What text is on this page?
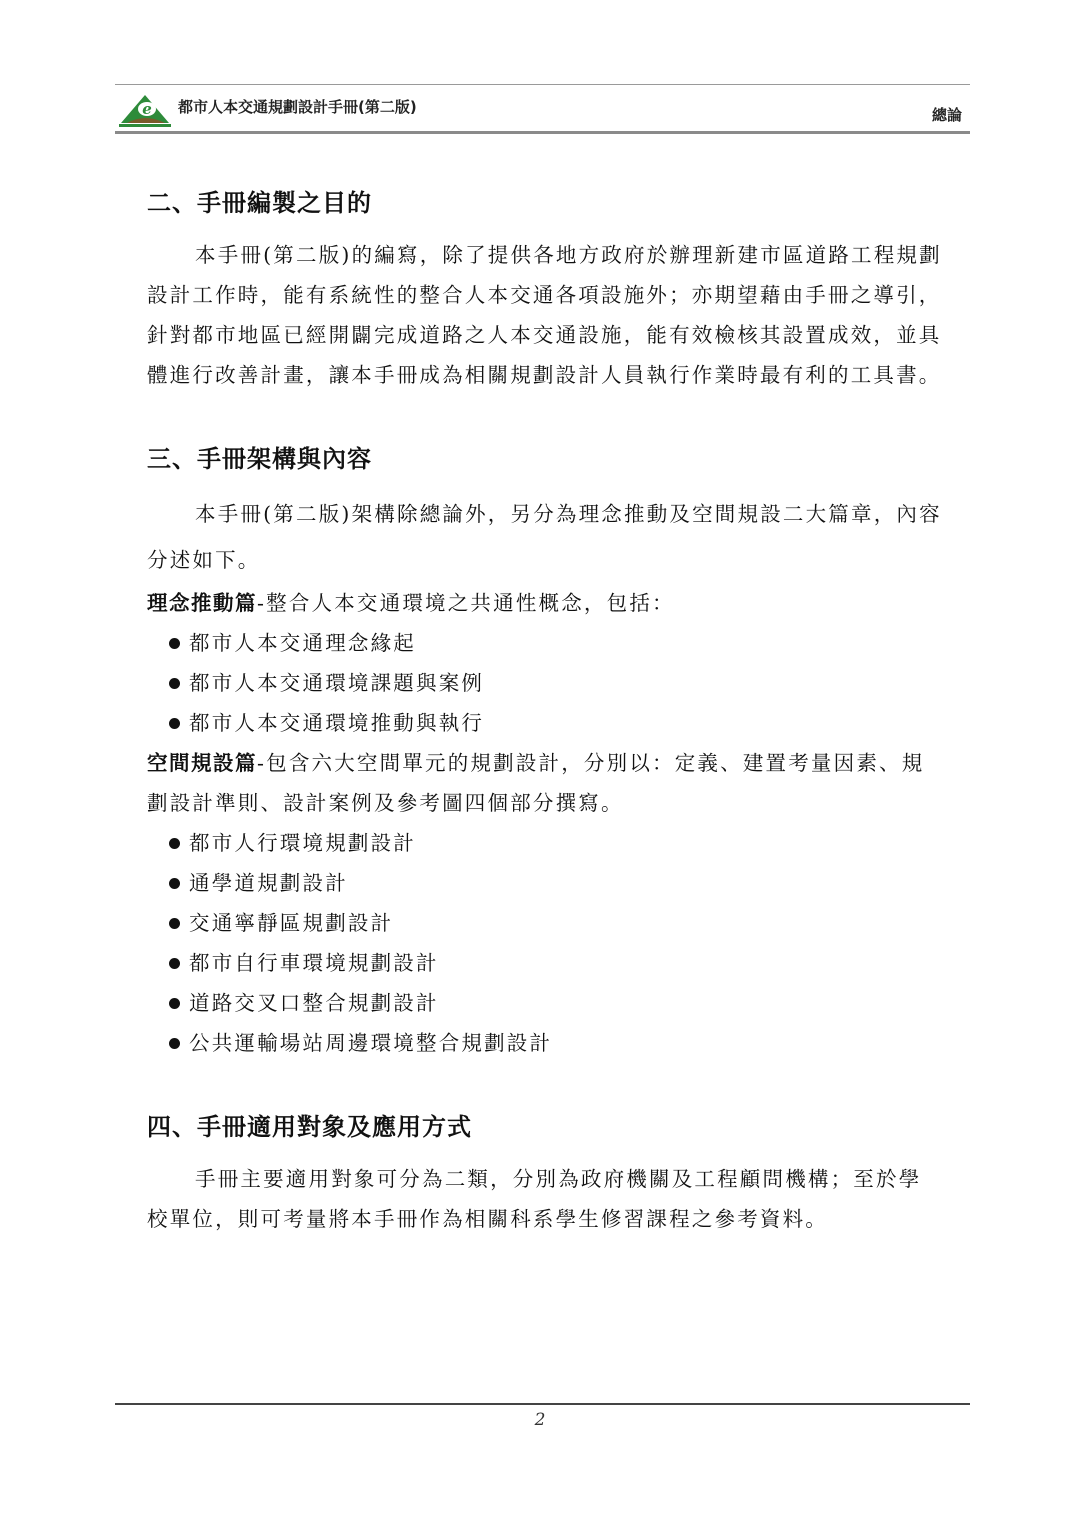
e 都市人本交通規劃設計手冊(第二版)	總論
二、手冊編製之目的

本手冊(第二版)的編寫，除了提供各地方政府於辦理新建市區道路工程規劃設計工作時，能有系統性的整合人本交通各項設施外；亦期望藉由手冊之導引，針對都市地區已經開闢完成道路之人本交通設施，能有效檢核其設置成效，並具體進行改善計畫，讓本手冊成為相關規劃設計人員執行作業時最有利的工具書。

三、手冊架構與內容

本手冊(第二版)架構除總論外，另分為理念推動及空間規設二大篇章，內容分述如下。

理念推動篇-整合人本交通環境之共通性概念，包括：
都市人本交通理念緣起
都市人本交通環境課題與案例
都市人本交通環境推動與執行
空間規設篇-包含六大空間單元的規劃設計，分別以：定義、建置考量因素、規劃設計準則、設計案例及參考圖四個部分撰寫。
都市人行環境規劃設計
通學道規劃設計
交通寧靜區規劃設計
都市自行車環境規劃設計
道路交叉口整合規劃設計
公共運輸場站周邊環境整合規劃設計
四、手冊適用對象及應用方式

手冊主要適用對象可分為二類，分別為政府機關及工程顧問機構；至於學校單位，則可考量將本手冊作為相關科系學生修習課程之參考資料。

2
